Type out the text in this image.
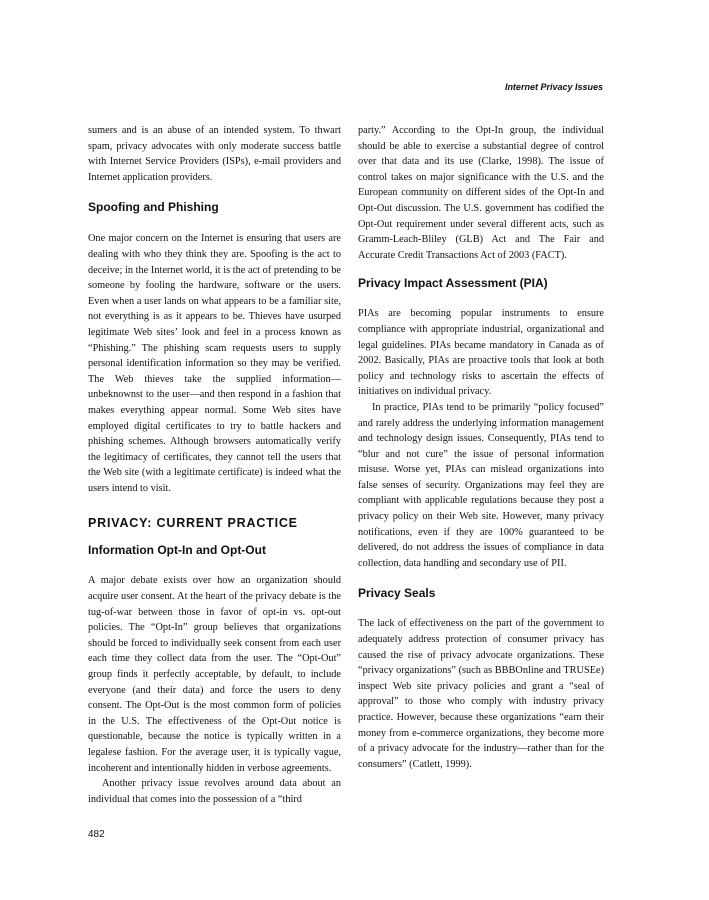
Internet Privacy Issues

sumers and is an abuse of an intended system. To thwart spam, privacy advocates with only moderate success battle with Internet Service Providers (ISPs), e-mail providers and Internet application providers.

Spoofing and Phishing

One major concern on the Internet is ensuring that users are dealing with who they think they are. Spoofing is the act to deceive; in the Internet world, it is the act of pretending to be someone by fooling the hardware, software or the users. Even when a user lands on what appears to be a familiar site, not everything is as it appears to be. Thieves have usurped legitimate Web sites’ look and feel in a process known as “Phishing.” The phishing scam requests users to supply personal identification information so they may be verified. The Web thieves take the supplied information—unbeknownst to the user—and then respond in a fashion that makes everything appear normal. Some Web sites have employed digital certificates to try to battle hackers and phishing schemes. Although browsers automatically verify the legitimacy of certificates, they cannot tell the users that the Web site (with a legitimate certificate) is indeed what the users intend to visit.

PRIVACY: CURRENT PRACTICE
Information Opt-In and Opt-Out

A major debate exists over how an organization should acquire user consent. At the heart of the privacy debate is the tug-of-war between those in favor of opt-in vs. opt-out policies. The “Opt-In” group believes that organizations should be forced to individually seek consent from each user each time they collect data from the user. The “Opt-Out” group finds it perfectly acceptable, by default, to include everyone (and their data) and force the users to deny consent. The Opt-Out is the most common form of policies in the U.S. The effectiveness of the Opt-Out notice is questionable, because the notice is typically written in a legalese fashion. For the average user, it is typically vague, incoherent and intentionally hidden in verbose agreements.

Another privacy issue revolves around data about an individual that comes into the possession of a “third

party.” According to the Opt-In group, the individual should be able to exercise a substantial degree of control over that data and its use (Clarke, 1998). The issue of control takes on major significance with the U.S. and the European community on different sides of the Opt-In and Opt-Out discussion. The U.S. government has codified the Opt-Out requirement under several different acts, such as Gramm-Leach-Bliley (GLB) Act and The Fair and Accurate Credit Transactions Act of 2003 (FACT).

Privacy Impact Assessment (PIA)

PIAs are becoming popular instruments to ensure compliance with appropriate industrial, organizational and legal guidelines. PIAs became mandatory in Canada as of 2002. Basically, PIAs are proactive tools that look at both policy and technology risks to ascertain the effects of initiatives on individual privacy.

In practice, PIAs tend to be primarily “policy focused” and rarely address the underlying information management and technology design issues. Consequently, PIAs tend to “blur and not cure” the issue of personal information misuse. Worse yet, PIAs can mislead organizations into false senses of security. Organizations may feel they are compliant with applicable regulations because they post a privacy policy on their Web site. However, many privacy notifications, even if they are 100% guaranteed to be delivered, do not address the issues of compliance in data collection, data handling and secondary use of PII.

Privacy Seals

The lack of effectiveness on the part of the government to adequately address protection of consumer privacy has caused the rise of privacy advocate organizations. These “privacy organizations” (such as BBBOnline and TRUSEe) inspect Web site privacy policies and grant a “seal of approval” to those who comply with industry privacy practice. However, because these organizations “earn their money from e-commerce organizations, they become more of a privacy advocate for the industry—rather than for the consumers” (Catlett, 1999).

482
